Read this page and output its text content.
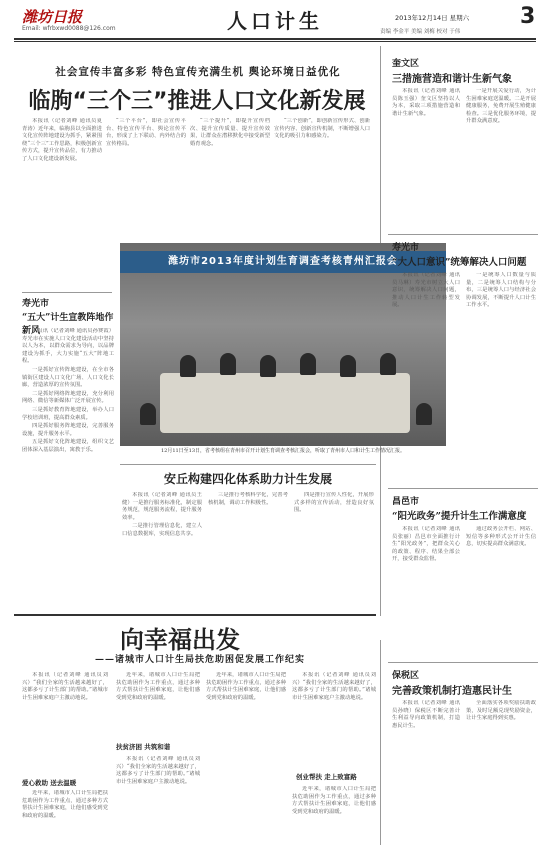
潍坊日报
Email: wfrbxwd0088@126.com	人口计生	2013年12月14日 星期六 3
责编 李金平 美编 刘梅 校对 于伟
社会宣传丰富多彩 特色宣传充满生机 舆论环境日益优化
临朐“三个三”推进人口文化新发展

本报讯（记者刘峰 通讯员夏青涛）近年来，临朐县以全面推进文化宣传阵地建设为抓手，紧紧围绕“三个三”工作思路，积极创新宣传方式，提升宣传品位，有力推动了人口文化建设新发展。

“三个平台”，即社会宣传平台、特色宣传平台、舆论宣传平台，形成了上下联动、内外结合的宣传格局。

“三个提升”，即提升宣传档次、提升宣传质量、提升宣传效果，让群众在潜移默化中接受新型婚育观念。

“三个创新”，即创新宣传形式、创新宣传内容、创新宣传机制，不断增强人口文化的吸引力和感染力。

寿光市
“五大”计生宣教阵地作新风

本报讯（记者刘峰 通讯员孙赛霞）寿光市在实施人口文化建设活动中坚持以人为本，以群众需求为导向，以品牌建设为抓手，大力实施“五大”阵地工程。

一是抓好宣传阵地建设，在全市各镇街区建设人口文化广场、人口文化长廊，营造浓厚的宣传氛围。

二是抓好网络阵地建设，充分利用网络、微信等新媒体广泛开展宣传。

三是抓好教育阵地建设，举办人口学校培训班，提高群众素质。

四是抓好服务阵地建设，完善服务设施，提升服务水平。

五是抓好文化阵地建设，组织文艺团体深入基层演出，寓教于乐。

潍坊市2013年度计划生育调查考核青州汇报会
12月11日至13日，省考核组在青州市召开计划生育调查考核汇报会，听取了青州市人口和计生工作情况汇报。
安丘构建四化体系助力计生发展

本报讯（记者刘峰 通讯员王健）一是推行服务标准化，制定服务规范，规范服务流程，提升服务效率。

二是推行管理信息化，建立人口信息数据库，实现信息共享。

三是推行考核科学化，完善考核机制，调动工作积极性。

四是推行宣传人性化，开展形式多样的宣传活动，营造良好氛围。

向幸福出发
——诸城市人口计生局扶危助困促发展工作纪实

本报讯（记者刘峰 通讯员刘兴）“我们全家的生活越来越好了，这都多亏了计生部门的帮助。”诸城市计生困难家庭户主激动地说。

爱心救助 送去温暖

近年来，诸城市人口计生局把扶危助困作为工作重点，通过多种方式帮扶计生困难家庭，让他们感受到党和政府的温暖。

近年来，诸城市人口计生局把扶危助困作为工作重点，通过多种方式帮扶计生困难家庭，让他们感受到党和政府的温暖。

扶贫济困 共筑和谐

本报讯（记者刘峰 通讯员刘兴）“我们全家的生活越来越好了，这都多亏了计生部门的帮助。”诸城市计生困难家庭户主激动地说。

近年来，诸城市人口计生局把扶危助困作为工作重点，通过多种方式帮扶计生困难家庭，让他们感受到党和政府的温暖。

创业帮扶 走上致富路

本报讯（记者刘峰 通讯员刘兴）“我们全家的生活越来越好了，这都多亏了计生部门的帮助。”诸城市计生困难家庭户主激动地说。

近年来，诸城市人口计生局把扶危助困作为工作重点，通过多种方式帮扶计生困难家庭，让他们感受到党和政府的温暖。

奎文区
三措施营造和谐计生新气象

本报讯（记者刘峰 通讯员陈玉强）奎文区坚持以人为本，采取三项措施营造和谐计生新气象。

一是开展关爱行动，为计生困难家庭送温暖。二是开展健康服务，免费开展生殖健康检查。三是优化服务环境，提升群众满意度。

寿光市
“大人口意识”统筹解决人口问题

本报讯（记者刘峰 通讯员马琳）寿光市树立大人口意识，统筹解决人口问题，推动人口计生工作转型发展。

一是统筹人口数量与质量，二是统筹人口结构与分布，三是统筹人口与经济社会协调发展，不断提升人口计生工作水平。

昌邑市
“阳光政务”提升计生工作满意度

本报讯（记者刘峰 通讯员张丽）昌邑市全面推行计生“阳光政务”，把群众关心的政策、程序、结果全部公开，接受群众监督。

通过政务公开栏、网站、短信等多种形式公开计生信息，切实提高群众满意度。

保税区
完善政策机制打造惠民计生

本报讯（记者刘峰 通讯员孙晓）保税区不断完善计生利益导向政策机制，打造惠民计生。

全面落实各项奖励扶助政策，及时足额兑现奖励资金，让计生家庭得到实惠。
